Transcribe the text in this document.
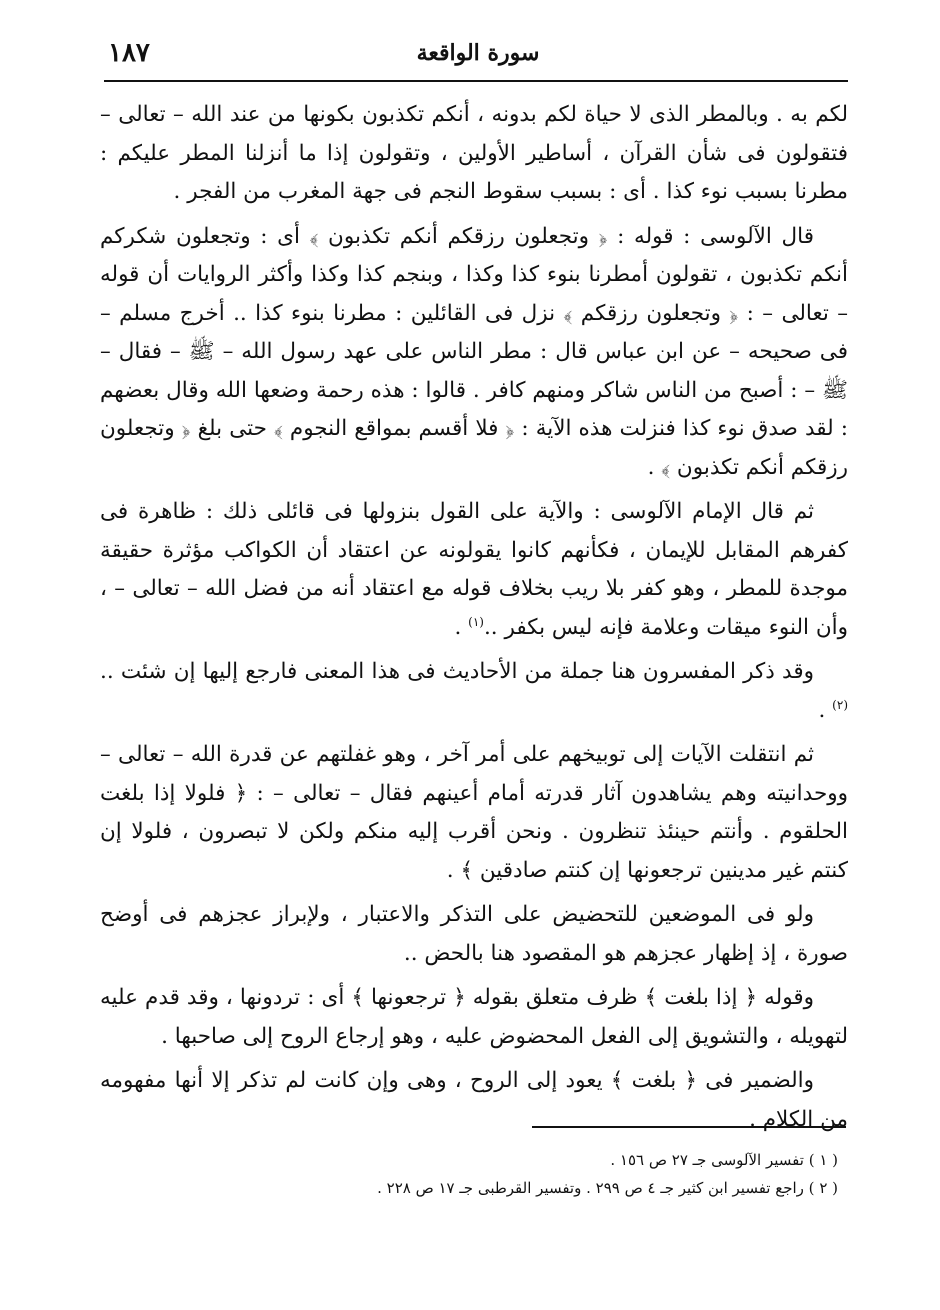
١٨٧	سورة الواقعة

لكم به . وبالمطر الذى لا حياة لكم بدونه ، أنكم تكذبون بكونها من عند الله – تعالى – فتقولون فى شأن القرآن ، أساطير الأولين ، وتقولون إذا ما أنزلنا المطر عليكم : مطرنا بسبب نوء كذا . أى : بسبب سقوط النجم فى جهة المغرب من الفجر .

قال الآلوسى : قوله : ﴿ وتجعلون رزقكم أنكم تكذبون ﴾ أى : وتجعلون شكركم أنكم تكذبون ، تقولون أمطرنا بنوء كذا وكذا ، وبنجم كذا وكذا وأكثر الروايات أن قوله – تعالى – : ﴿ وتجعلون رزقكم ﴾ نزل فى القائلين : مطرنا بنوء كذا .. أخرج مسلم – فى صحيحه – عن ابن عباس قال : مطر الناس على عهد رسول الله – ﷺ – فقال – ﷺ – : أصبح من الناس شاكر ومنهم كافر . قالوا : هذه رحمة وضعها الله وقال بعضهم : لقد صدق نوء كذا فنزلت هذه الآية : ﴿ فلا أقسم بمواقع النجوم ﴾ حتى بلغ ﴿ وتجعلون رزقكم أنكم تكذبون ﴾ .

ثم قال الإمام الآلوسى : والآية على القول بنزولها فى قائلى ذلك : ظاهرة فى كفرهم المقابل للإيمان ، فكأنهم كانوا يقولونه عن اعتقاد أن الكواكب مؤثرة حقيقة موجدة للمطر ، وهو كفر بلا ريب بخلاف قوله مع اعتقاد أنه من فضل الله – تعالى – ، وأن النوء ميقات وعلامة فإنه ليس بكفر ..$^{(١)}$ .

وقد ذكر المفسرون هنا جملة من الأحاديث فى هذا المعنى فارجع إليها إن شئت ..$^{(٢)}$ .

ثم انتقلت الآيات إلى توبيخهم على أمر آخر ، وهو غفلتهم عن قدرة الله – تعالى – ووحدانيته وهم يشاهدون آثار قدرته أمام أعينهم فقال – تعالى – : ﴿ فلولا إذا بلغت الحلقوم . وأنتم حينئذ تنظرون . ونحن أقرب إليه منكم ولكن لا تبصرون ، فلولا إن كنتم غير مدينين ترجعونها إن كنتم صادقين ﴾ .

ولو فى الموضعين للتحضيض على التذكر والاعتبار ، ولإبراز عجزهم فى أوضح صورة ، إذ إظهار عجزهم هو المقصود هنا بالحض ..

وقوله ﴿ إذا بلغت ﴾ ظرف متعلق بقوله ﴿ ترجعونها ﴾ أى : تردونها ، وقد قدم عليه لتهويله ، والتشويق إلى الفعل المحضوض عليه ، وهو إرجاع الروح إلى صاحبها .

والضمير فى ﴿ بلغت ﴾ يعود إلى الروح ، وهى وإن كانت لم تذكر إلا أنها مفهومه من الكلام .

( ١ ) تفسير الآلوسى جـ ٢٧ ص ١٥٦ .

( ٢ ) راجع تفسير ابن كثير جـ ٤ ص ٢٩٩ . وتفسير القرطبى جـ ١٧ ص ٢٢٨ .
